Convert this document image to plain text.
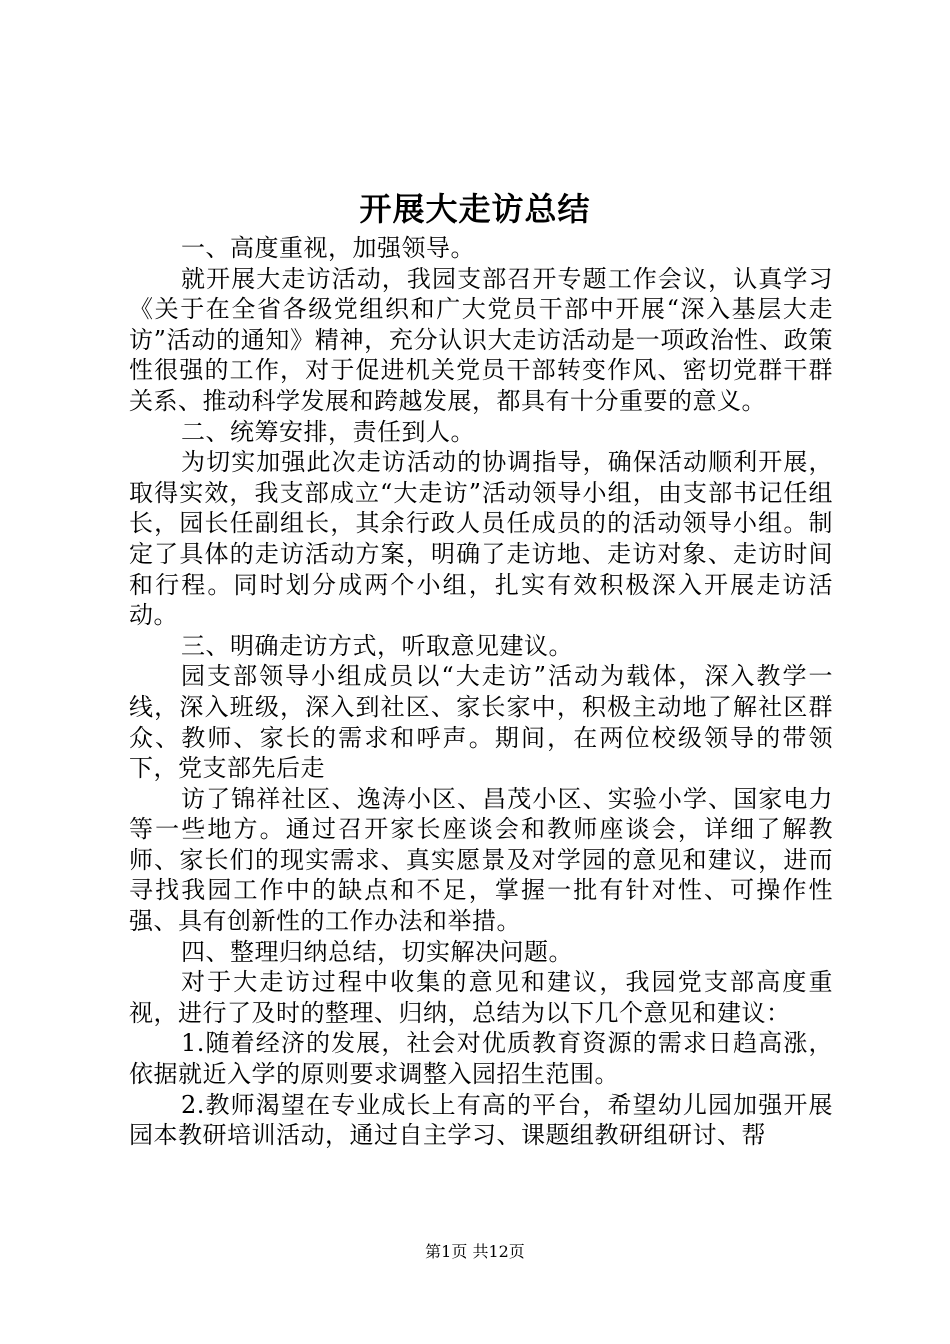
开展大走访总结

一、高度重视，加强领导。

就开展大走访活动，我园支部召开专题工作会议，认真学习《关于在全省各级党组织和广大党员干部中开展“深入基层大走访”活动的通知》精神，充分认识大走访活动是一项政治性、政策性很强的工作，对于促进机关党员干部转变作风、密切党群干群关系、推动科学发展和跨越发展，都具有十分重要的意义。

二、统筹安排，责任到人。

为切实加强此次走访活动的协调指导，确保活动顺利开展，取得实效，我支部成立“大走访”活动领导小组，由支部书记任组长，园长任副组长，其余行政人员任成员的的活动领导小组。制定了具体的走访活动方案，明确了走访地、走访对象、走访时间和行程。同时划分成两个小组，扎实有效积极深入开展走访活动。

三、明确走访方式，听取意见建议。

园支部领导小组成员以“大走访”活动为载体，深入教学一线，深入班级，深入到社区、家长家中，积极主动地了解社区群众、教师、家长的需求和呼声。期间，在两位校级领导的带领下，党支部先后走

访了锦祥社区、逸涛小区、昌茂小区、实验小学、国家电力等一些地方。通过召开家长座谈会和教师座谈会，详细了解教师、家长们的现实需求、真实愿景及对学园的意见和建议，进而寻找我园工作中的缺点和不足，掌握一批有针对性、可操作性强、具有创新性的工作办法和举措。

四、整理归纳总结，切实解决问题。

对于大走访过程中收集的意见和建议，我园党支部高度重视，进行了及时的整理、归纳，总结为以下几个意见和建议：

1.随着经济的发展，社会对优质教育资源的需求日趋高涨，依据就近入学的原则要求调整入园招生范围。

2.教师渴望在专业成长上有高的平台，希望幼儿园加强开展园本教研培训活动，通过自主学习、课题组教研组研讨、帮

第1页 共12页
